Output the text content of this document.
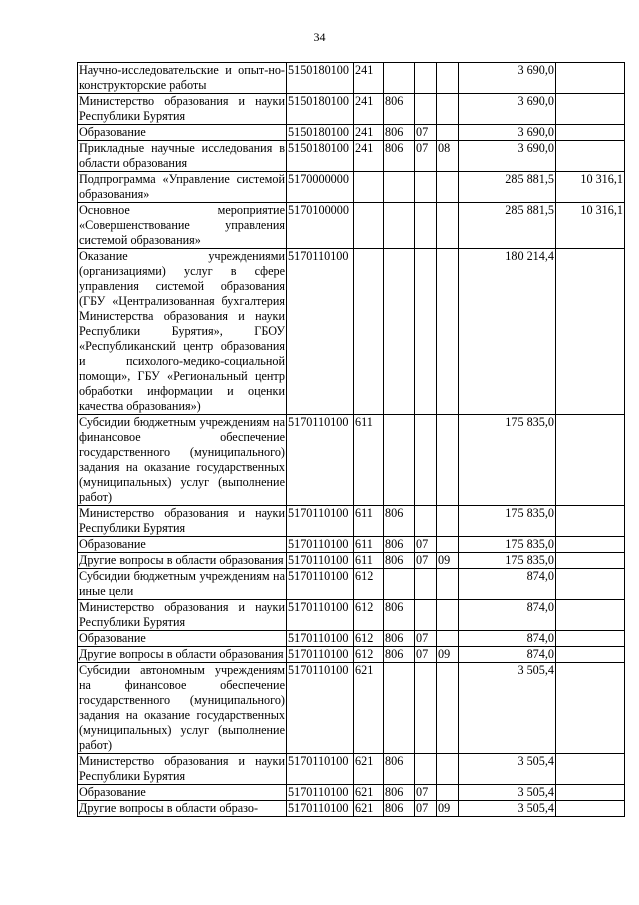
34
Научно-исследовательские и опыт-но-конструкторские работы	5150180100	241				3 690,0	
Министерство образования и науки Республики Бурятия	5150180100	241	806			3 690,0	
Образование	5150180100	241	806	07		3 690,0	
Прикладные научные исследования в области образования	5150180100	241	806	07	08	3 690,0	
Подпрограмма «Управление системой образования»	5170000000					285 881,5	10 316,1
Основное мероприятие «Совершенствование управления системой образования»	5170100000					285 881,5	10 316,1
Оказание учреждениями (организациями) услуг в сфере управления системой образования (ГБУ «Централизованная бухгалтерия Министерства образования и науки Республики Бурятия», ГБОУ «Республиканский центр образования и психолого-медико-социальной помощи», ГБУ «Региональный центр обработки информации и оценки качества образования»)	5170110100					180 214,4	
Субсидии бюджетным учреждениям на финансовое обеспечение государственного (муниципального) задания на оказание государственных (муниципальных) услуг (выполнение работ)	5170110100	611				175 835,0	
Министерство образования и науки Республики Бурятия	5170110100	611	806			175 835,0	
Образование	5170110100	611	806	07		175 835,0	
Другие вопросы в области образования	5170110100	611	806	07	09	175 835,0	
Субсидии бюджетным учреждениям на иные цели	5170110100	612				874,0	
Министерство образования и науки Республики Бурятия	5170110100	612	806			874,0	
Образование	5170110100	612	806	07		874,0	
Другие вопросы в области образования	5170110100	612	806	07	09	874,0	
Субсидии автономным учреждениям на финансовое обеспечение государственного (муниципального) задания на оказание государственных (муниципальных) услуг (выполнение работ)	5170110100	621				3 505,4	
Министерство образования и науки Республики Бурятия	5170110100	621	806			3 505,4	
Образование	5170110100	621	806	07		3 505,4	
Другие вопросы в области образо-	5170110100	621	806	07	09	3 505,4	
